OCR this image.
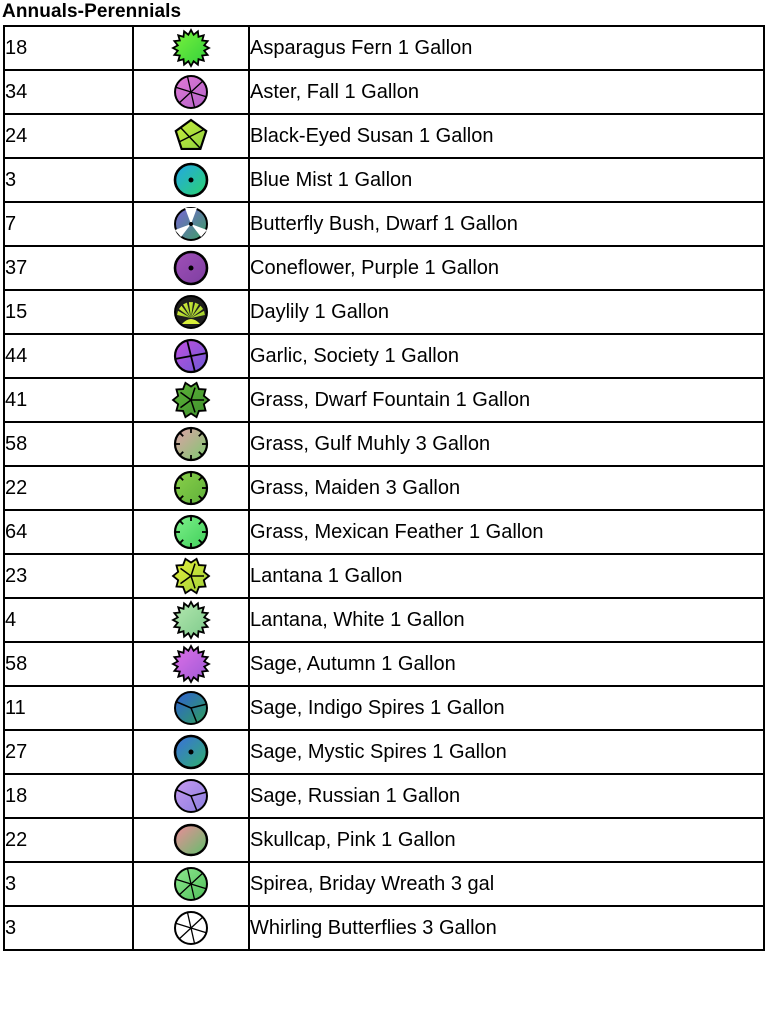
Annuals-Perennials
18		Asparagus Fern 1 Gallon
34		Aster, Fall 1 Gallon
24		Black-Eyed Susan 1 Gallon
3		Blue Mist 1 Gallon
7		Butterfly Bush, Dwarf 1 Gallon
37		Coneflower, Purple 1 Gallon
15		Daylily 1 Gallon
44		Garlic, Society 1 Gallon
41		Grass, Dwarf Fountain 1 Gallon
58		Grass, Gulf Muhly 3 Gallon
22		Grass, Maiden 3 Gallon
64		Grass, Mexican Feather 1 Gallon
23		Lantana 1 Gallon
4		Lantana, White 1 Gallon
58		Sage, Autumn 1 Gallon
11		Sage, Indigo Spires 1 Gallon
27		Sage, Mystic Spires 1 Gallon
18		Sage, Russian 1 Gallon
22		Skullcap, Pink 1 Gallon
3		Spirea, Briday Wreath 3 gal
3		Whirling Butterflies 3 Gallon
